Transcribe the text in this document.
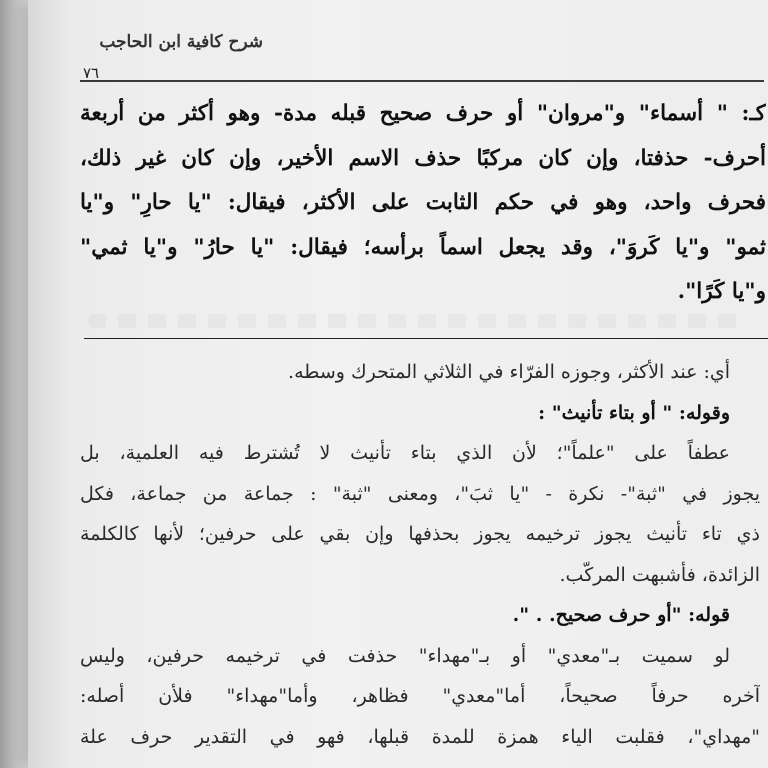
شرح كافية ابن الحاجب
٧٦
كـ: " أسماء" و"مروان" أو حرف صحيح قبله مدة- وهو أكثر من أربعة
أحرف- حذفتا، وإن كان مركبًا حذف الاسم الأخير، وإن كان غير ذلك،
فحرف واحد، وهو في حكم الثابت على الأكثر، فيقال: "يا حارِ" و"يا
ثمو" و"يا كَروَ"، وقد يجعل اسماً برأسه؛ فيقال: "يا حارُ" و"يا ثمي"
و"يا كَرًا".
أي: عند الأكثر، وجوزه الفرّاء في الثلاثي المتحرك وسطه.
وقوله: " أو بتاء تأنيث" :
عطفاً على "علماً"؛ لأن الذي بتاء تأنيث لا تُشترط فيه العلمية، بل
يجوز في "ثبة"- نكرة - "يا ثبَ"، ومعنى "ثبة" : جماعة من جماعة، فكل
ذي تاء تأنيث يجوز ترخيمه يجوز بحذفها وإن بقي على حرفين؛ لأنها كالكلمة
الزائدة، فأشبهت المركّب.
قوله: "أو حرف صحيح. . ".
لو سميت بـ"معدي" أو بـ"مهداء" حذفت في ترخيمه حرفين، وليس
آخره حرفاً صحيحاً، أما"معدي" فظاهر، وأما"مهداء" فلأن أصله:
"مهداي"، فقلبت الياء همزة للمدة قبلها، فهو في التقدير حرف علة
